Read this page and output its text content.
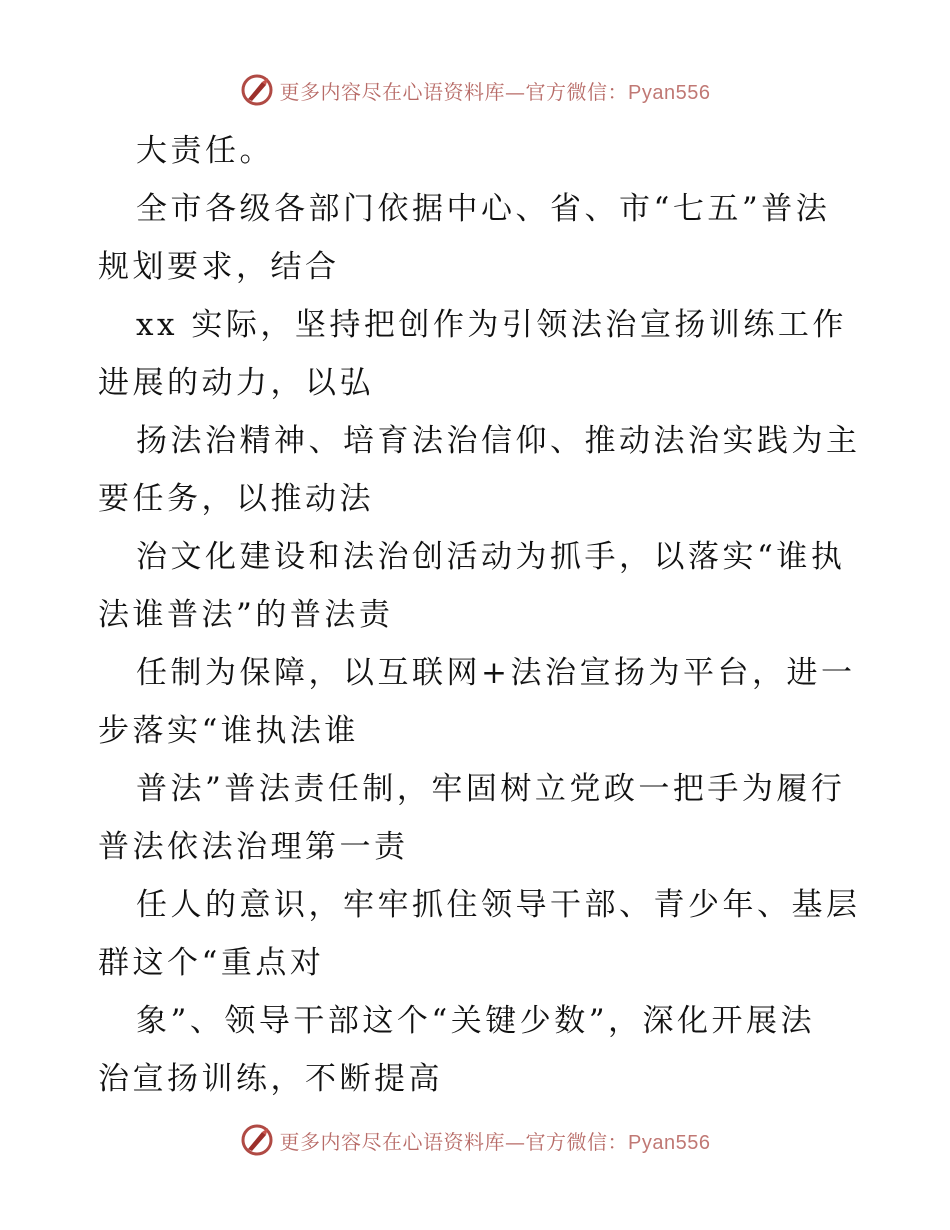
更多内容尽在心语资料库—官方微信：Pyan556
大责任。
全市各级各部门依据中心、省、市“七五”普法
规划要求，结合
xx 实际，坚持把创作为引领法治宣扬训练工作
进展的动力，以弘
扬法治精神、培育法治信仰、推动法治实践为主
要任务，以推动法
治文化建设和法治创活动为抓手，以落实“谁执
法谁普法”的普法责
任制为保障，以互联网+法治宣扬为平台，进一
步落实“谁执法谁
普法”普法责任制，牢固树立党政一把手为履行
普法依法治理第一责
任人的意识，牢牢抓住领导干部、青少年、基层
群这个“重点对
象”、领导干部这个“关键少数”，深化开展法
治宣扬训练，不断提高
更多内容尽在心语资料库—官方微信：Pyan556
